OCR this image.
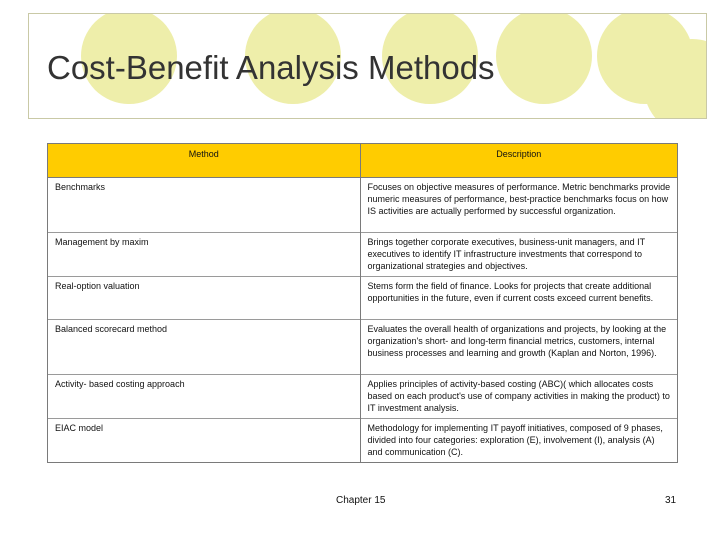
Cost-Benefit Analysis Methods
Method	Description
Benchmarks	Focuses on objective measures of performance. Metric benchmarks provide numeric measures of performance, best-practice benchmarks focus on how IS activities are actually performed by successful organization.
Management by maxim	Brings together corporate executives, business-unit managers, and IT executives to identify IT infrastructure investments that correspond to organizational strategies and objectives.
Real-option valuation	Stems form the field of finance. Looks for projects that create additional opportunities in the future, even if current costs exceed current benefits.
Balanced scorecard method	Evaluates the overall health of organizations and projects, by looking at the organization's short- and long-term financial metrics, customers, internal business processes and learning and growth (Kaplan and Norton, 1996).
Activity- based costing approach	Applies principles of activity-based costing (ABC)( which allocates costs based on each product's use of company activities in making the product) to IT investment analysis.
EIAC model	Methodology for implementing IT payoff initiatives, composed of 9 phases, divided into four categories: exploration (E), involvement (I), analysis (A) and communication (C).
Chapter 15	31
